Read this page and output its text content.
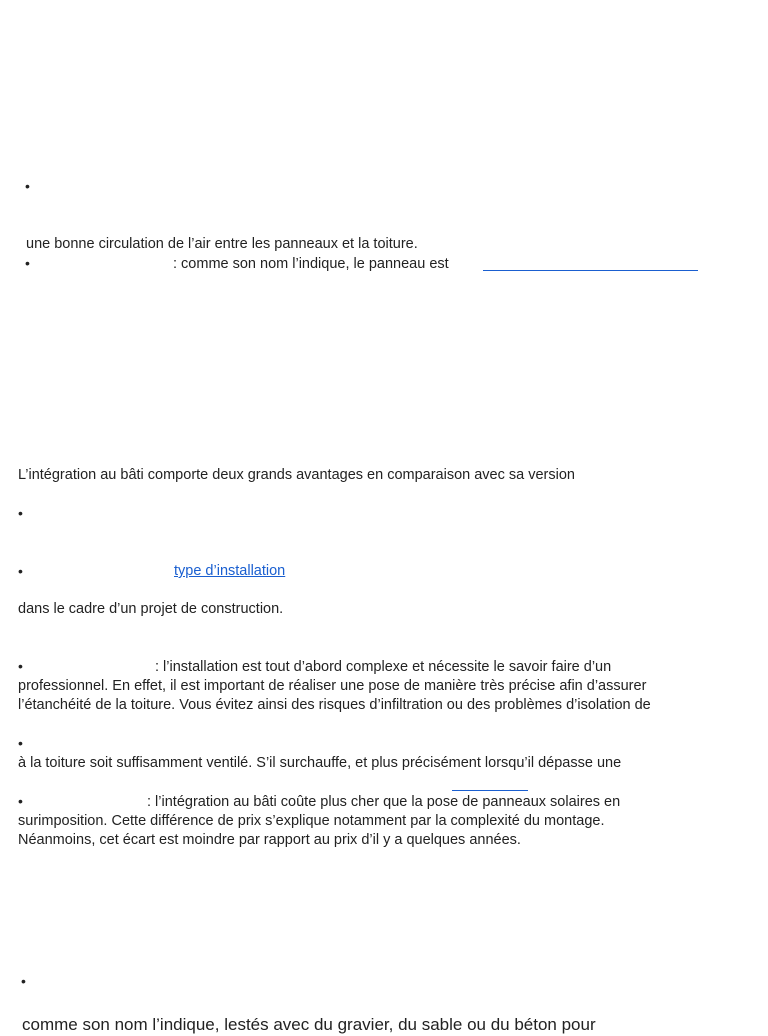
•
une bonne circulation de l’air entre les panneaux et la toiture.
•	: comme son nom l’indique, le panneau est
L’intégration au bâti comporte deux grands avantages en comparaison avec sa version
•
•	type d’installation
dans le cadre d’un projet de construction.
•	: l’installation est tout d’abord complexe et nécessite le savoir faire d’un
professionnel. En effet, il est important de réaliser une pose de manière très précise afin d’assurer
l’étanchéité de la toiture. Vous évitez ainsi des risques d’infiltration ou des problèmes d’isolation de
•
à la toiture soit suffisamment ventilé. S’il surchauffe, et plus précisément lorsqu’il dépasse une
•	: l’intégration au bâti coûte plus cher que la pose de panneaux solaires en
surimposition. Cette différence de prix s’explique notamment par la complexité du montage.
Néanmoins, cet écart est moindre par rapport au prix d’il y a quelques années.
•
comme son nom l’indique, lestés avec du gravier, du sable ou du béton pour
